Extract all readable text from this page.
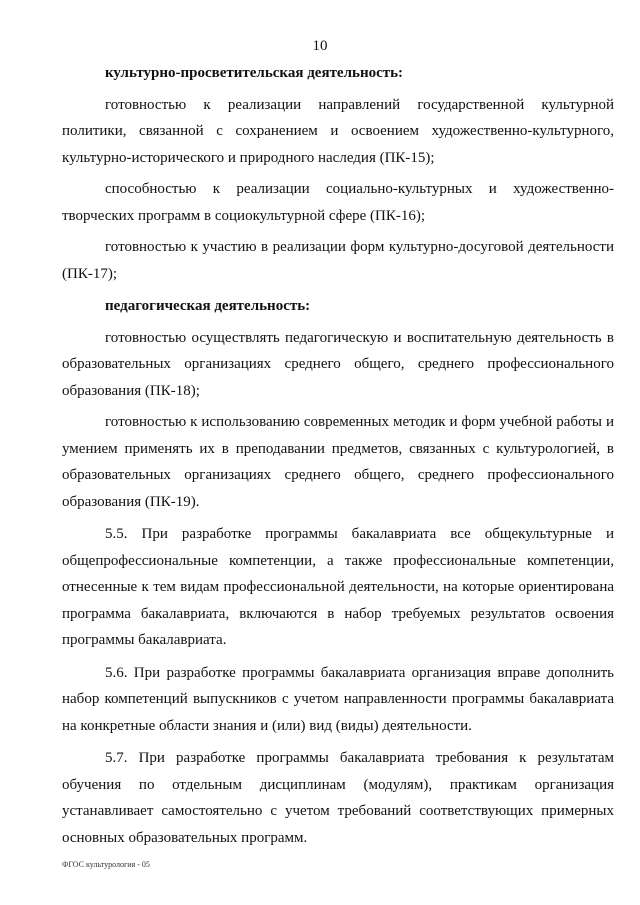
10
культурно-просветительская деятельность:

готовностью к реализации направлений государственной культурной политики, связанной с сохранением и освоением художественно-культурного, культурно-исторического и природного наследия (ПК-15);

способностью к реализации социально-культурных и художественно-творческих программ в социокультурной сфере (ПК-16);

готовностью к участию в реализации форм культурно-досуговой деятельности (ПК-17);

педагогическая деятельность:

готовностью осуществлять педагогическую и воспитательную деятельность в образовательных организациях среднего общего, среднего профессионального образования (ПК-18);

готовностью к использованию современных методик и форм учебной работы и умением применять их в преподавании предметов, связанных с культурологией, в образовательных организациях среднего общего, среднего профессионального образования (ПК-19).

5.5. При разработке программы бакалавриата все общекультурные и общепрофессиональные компетенции, а также профессиональные компетенции, отнесенные к тем видам профессиональной деятельности, на которые ориентирована программа бакалавриата, включаются в набор требуемых результатов освоения программы бакалавриата.

5.6. При разработке программы бакалавриата организация вправе дополнить набор компетенций выпускников с учетом направленности программы бакалавриата на конкретные области знания и (или) вид (виды) деятельности.

5.7. При разработке программы бакалавриата требования к результатам обучения по отдельным дисциплинам (модулям), практикам организация устанавливает самостоятельно с учетом требований соответствующих примерных основных образовательных программ.

ФГОС культурология - 05
